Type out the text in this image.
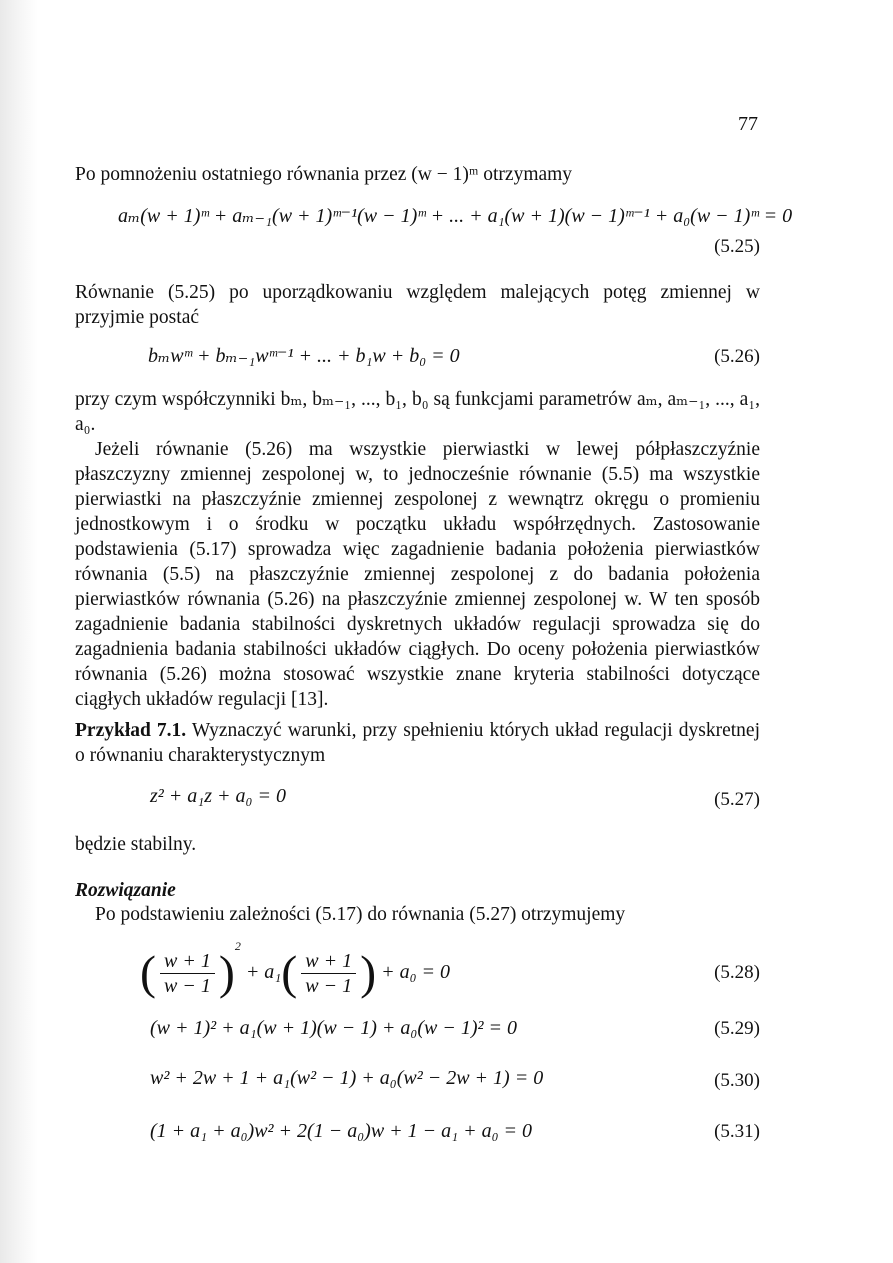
77
Po pomnożeniu ostatniego równania przez (w − 1)ᵐ otrzymamy
aₘ(w + 1)ᵐ + aₘ₋₁(w + 1)ᵐ⁻¹(w − 1)ᵐ + ... + a₁(w + 1)(w − 1)ᵐ⁻¹ + a₀(w − 1)ᵐ = 0
(5.25)
Równanie (5.25) po uporządkowaniu względem malejących potęg zmiennej w przyjmie postać
bₘwᵐ + bₘ₋₁wᵐ⁻¹ + ... + b₁w + b₀ = 0	(5.26)
przy czym współczynniki bₘ, bₘ₋₁, ..., b₁, b₀ są funkcjami parametrów aₘ, aₘ₋₁, ..., a₁, a₀.
Jeżeli równanie (5.26) ma wszystkie pierwiastki w lewej półpłaszczyźnie płaszczyzny zmiennej zespolonej w, to jednocześnie równanie (5.5) ma wszystkie pierwiastki na płaszczyźnie zmiennej zespolonej z wewnątrz okręgu o promieniu jednostkowym i o środku w początku układu współrzędnych. Zastosowanie podstawienia (5.17) sprowadza więc zagadnienie badania położenia pierwiastków równania (5.5) na płaszczyźnie zmiennej zespolonej z do badania położenia pierwiastków równania (5.26) na płaszczyźnie zmiennej zespolonej w. W ten sposób zagadnienie badania stabilności dyskretnych układów regulacji sprowadza się do zagadnienia badania stabilności układów ciągłych. Do oceny położenia pierwiastków równania (5.26) można stosować wszystkie znane kryteria stabilności dotyczące ciągłych układów regulacji [13].
Przykład 7.1. Wyznaczyć warunki, przy spełnieniu których układ regulacji dyskretnej o równaniu charakterystycznym
z² + a₁z + a₀ = 0	(5.27)
będzie stabilny.
Rozwiązanie
Po podstawieniu zależności (5.17) do równania (5.27) otrzymujemy
( $\frac{w + 1}{w - 1} )^2 + a_1( \frac{w + 1}{w - 1}$ ) + a₀ = 0	(5.28)
(w + 1)² + a₁(w + 1)(w − 1) + a₀(w − 1)² = 0	(5.29)
w² + 2w + 1 + a₁(w² − 1) + a₀(w² − 2w + 1) = 0	(5.30)
(1 + a₁ + a₀)w² + 2(1 − a₀)w + 1 − a₁ + a₀ = 0	(5.31)
